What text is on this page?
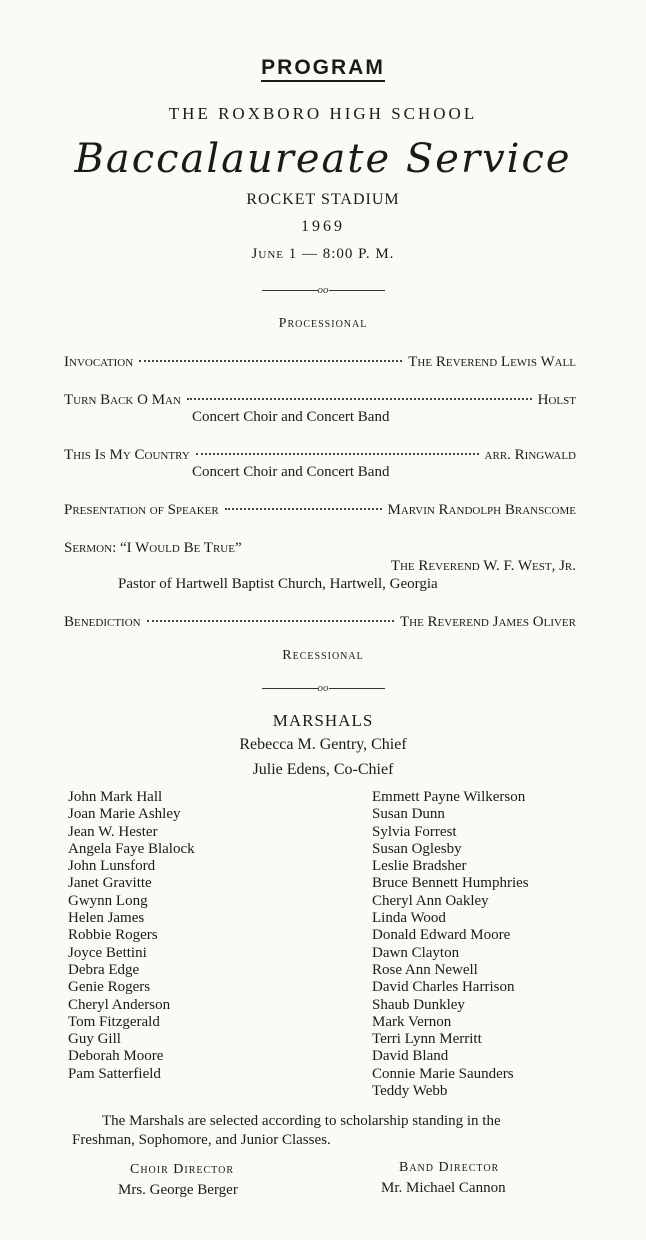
PROGRAM
THE ROXBORO HIGH SCHOOL
Baccalaureate Service
ROCKET STADIUM
1969
June 1 — 8:00 P. M.
oo
Processional
Invocation	The Reverend Lewis Wall
Turn Back O Man	Holst
Concert Choir and Concert Band
This Is My Country	arr. Ringwald
Concert Choir and Concert Band
Presentation of Speaker	Marvin Randolph Branscome
Sermon: “I Would Be True”
The Reverend W. F. West, Jr.
Pastor of Hartwell Baptist Church, Hartwell, Georgia
Benediction	The Reverend James Oliver
Recessional
oo
MARSHALS
Rebecca M. Gentry, Chief
Julie Edens, Co-Chief
John Mark Hall
Joan Marie Ashley
Jean W. Hester
Angela Faye Blalock
John Lunsford
Janet Gravitte
Gwynn Long
Helen James
Robbie Rogers
Joyce Bettini
Debra Edge
Genie Rogers
Cheryl Anderson
Tom Fitzgerald
Guy Gill
Deborah Moore
Pam Satterfield
Emmett Payne Wilkerson
Susan Dunn
Sylvia Forrest
Susan Oglesby
Leslie Bradsher
Bruce Bennett Humphries
Cheryl Ann Oakley
Linda Wood
Donald Edward Moore
Dawn Clayton
Rose Ann Newell
David Charles Harrison
Shaub Dunkley
Mark Vernon
Terri Lynn Merritt
David Bland
Connie Marie Saunders
Teddy Webb
The Marshals are selected according to scholarship standing in the
Freshman, Sophomore, and Junior Classes.
Choir Director
Mrs. George Berger
Band Director
Mr. Michael Cannon
